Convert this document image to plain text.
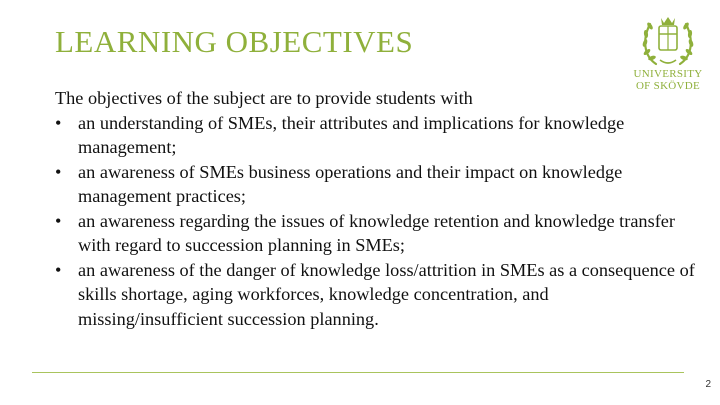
LEARNING OBJECTIVES
UNIVERSITY
OF SKÖVDE

The objectives of the subject are to provide students with

• an understanding of SMEs, their attributes and implications for knowledge management;
• an awareness of SMEs business operations and their impact on knowledge management practices;
• an awareness regarding the issues of knowledge retention and knowledge transfer with regard to succession planning in SMEs;
• an awareness of the danger of knowledge loss/attrition in SMEs as a consequence of skills shortage, aging workforces, knowledge concentration, and missing/insufficient succession planning.
2
